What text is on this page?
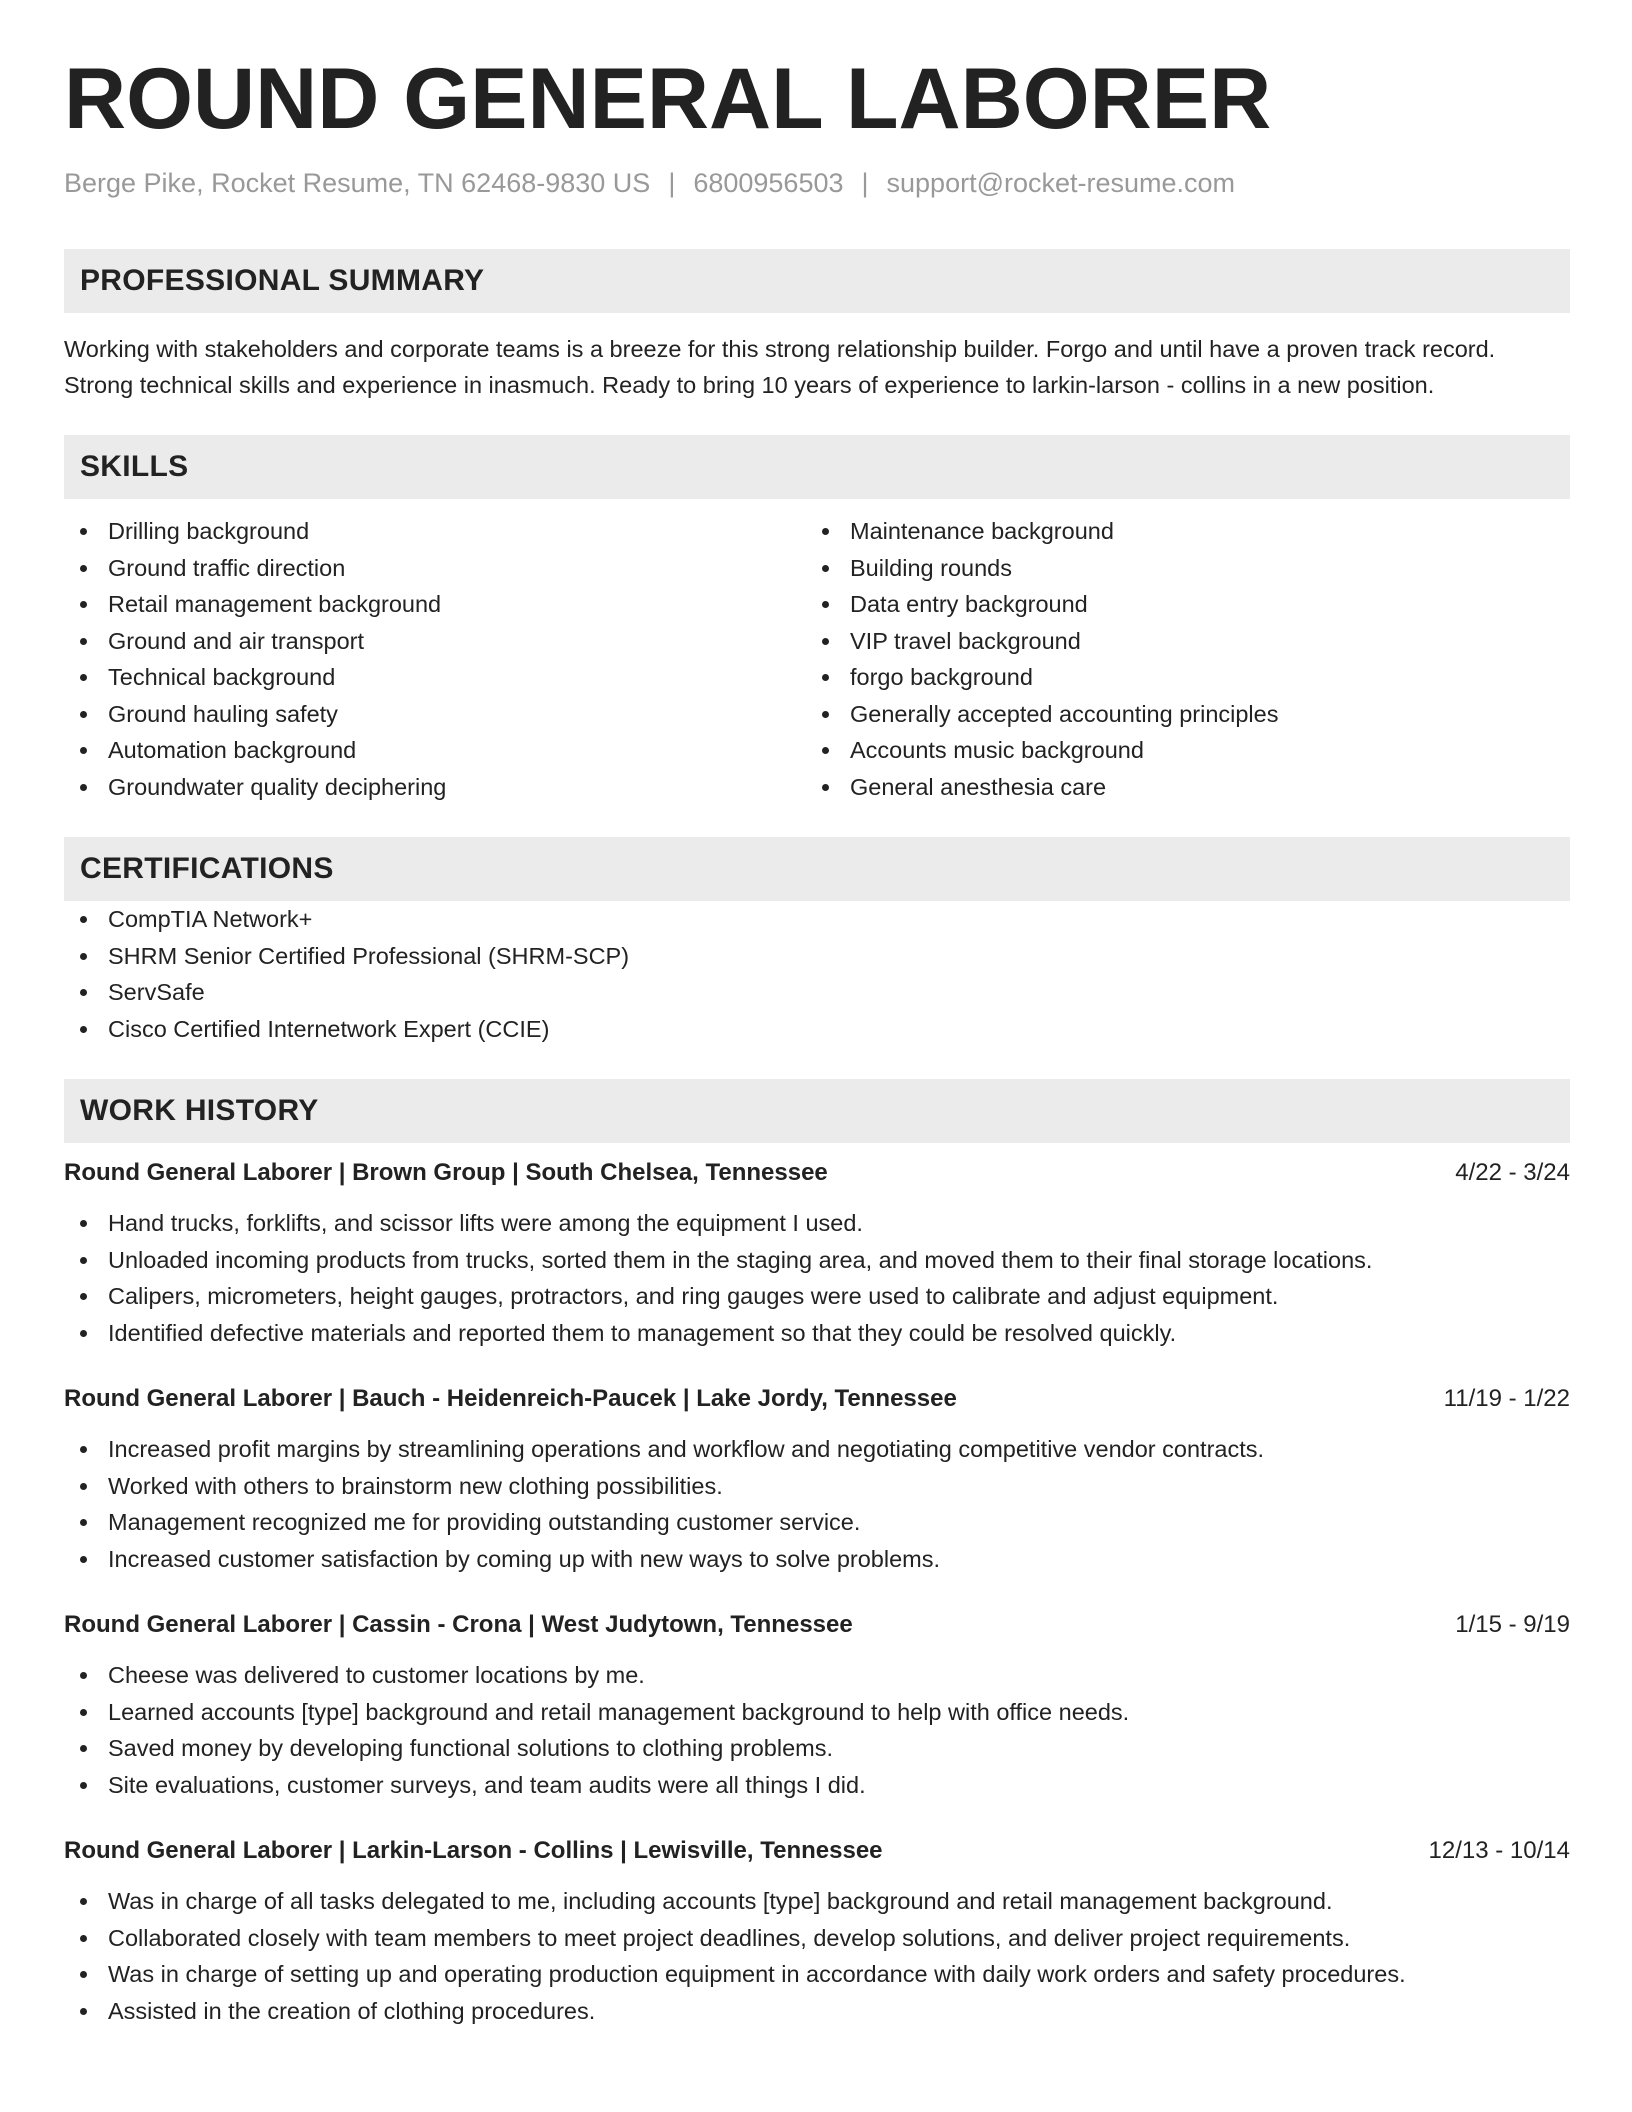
ROUND GENERAL LABORER
Berge Pike, Rocket Resume, TN 62468-9830 US | 6800956503 | support@rocket-resume.com
PROFESSIONAL SUMMARY
Working with stakeholders and corporate teams is a breeze for this strong relationship builder. Forgo and until have a proven track record. Strong technical skills and experience in inasmuch. Ready to bring 10 years of experience to larkin-larson - collins in a new position.
SKILLS
Drilling background
Ground traffic direction
Retail management background
Ground and air transport
Technical background
Ground hauling safety
Automation background
Groundwater quality deciphering
Maintenance background
Building rounds
Data entry background
VIP travel background
forgo background
Generally accepted accounting principles
Accounts music background
General anesthesia care
CERTIFICATIONS
CompTIA Network+
SHRM Senior Certified Professional (SHRM-SCP)
ServSafe
Cisco Certified Internetwork Expert (CCIE)
WORK HISTORY
Round General Laborer | Brown Group | South Chelsea, Tennessee	4/22 - 3/24
Hand trucks, forklifts, and scissor lifts were among the equipment I used.
Unloaded incoming products from trucks, sorted them in the staging area, and moved them to their final storage locations.
Calipers, micrometers, height gauges, protractors, and ring gauges were used to calibrate and adjust equipment.
Identified defective materials and reported them to management so that they could be resolved quickly.
Round General Laborer | Bauch - Heidenreich-Paucek | Lake Jordy, Tennessee	11/19 - 1/22
Increased profit margins by streamlining operations and workflow and negotiating competitive vendor contracts.
Worked with others to brainstorm new clothing possibilities.
Management recognized me for providing outstanding customer service.
Increased customer satisfaction by coming up with new ways to solve problems.
Round General Laborer | Cassin - Crona | West Judytown, Tennessee	1/15 - 9/19
Cheese was delivered to customer locations by me.
Learned accounts [type] background and retail management background to help with office needs.
Saved money by developing functional solutions to clothing problems.
Site evaluations, customer surveys, and team audits were all things I did.
Round General Laborer | Larkin-Larson - Collins | Lewisville, Tennessee	12/13 - 10/14
Was in charge of all tasks delegated to me, including accounts [type] background and retail management background.
Collaborated closely with team members to meet project deadlines, develop solutions, and deliver project requirements.
Was in charge of setting up and operating production equipment in accordance with daily work orders and safety procedures.
Assisted in the creation of clothing procedures.
